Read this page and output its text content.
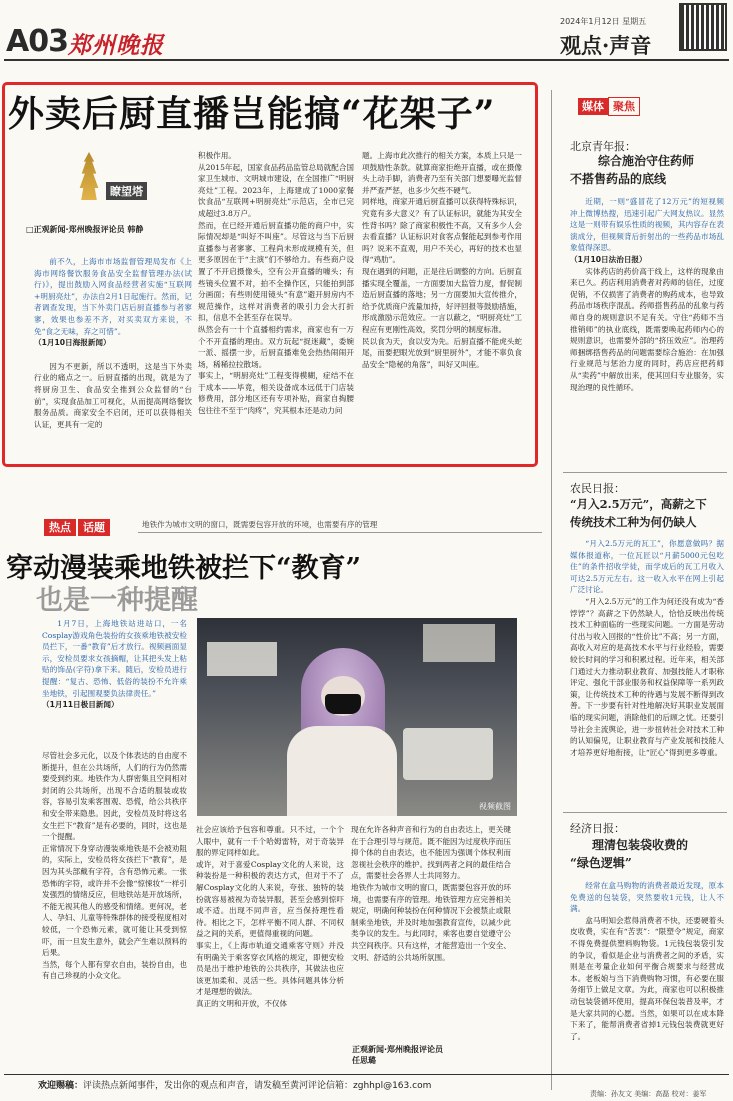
A03 郑州晚报
2024年1月12日 星期五
观点·声音
外卖后厨直播岂能搞“花架子”
瞭望塔
□正观新闻·郑州晚报评论员 韩静

前不久，上海市市场监督管理局发布《上海市网络餐饮服务食品安全监督管理办法(试行)》，提出鼓励入网食品经营者实施“互联网+明厨亮灶”，办法自2月1日起施行。然而，记者调查发现，当下外卖门店后厨直播参与者寥寥，效果也参差不齐，对买卖双方来说，不免“食之无味，弃之可惜”。

（1月10日海报新闻）

因为不更新，所以不透明，这是当下外卖行业的痛点之一。后厨直播的出现，就是为了将厨房卫生、食品安全推到公众监督的“台前”，实现食品加工可视化，从而提高网络餐饮服务品质。商家安全不启闭，还可以获得相关认证，更具有一定的

积极作用。
从2015年起，国家食品药品监管总局就配合国家卫生城市、文明城市建设，在全国推广“明厨亮灶”工程。2023年，上海建成了1000家餐饮食品“互联网+明厨亮灶”示范店，全市已完成超过3.8万户。
然而，在已经开通后厨直播功能的商户中，实际情况却是“叫好不叫座”。尽管这与当下后厨直播参与者寥寥、工程尚未形成规模有关，但更多原因在于“主演”们不够给力。有些商户设置了不开启摄像头，空有公开直播的噱头；有些镜头位置不对，拍不全操作区，只能拍到部分画面；有些则使用镜头“有意”避开厨房内不规范操作，这样对消费者的吸引力会大打折扣，信息不全甚至存在误导。
纵然会有一十个直播相约需求，商家也有一万个不开直播的理由。双方玩起“捉迷藏”，委婉一派、摇摆一步，后厨直播难免会热热闹闹开场，稀稀拉拉散场。
事实上，“明厨亮灶”工程变得模糊，症结不在于成本——毕竟，相关设备成本远低于门店装修费用，部分地区还有专项补贴，商家自掏腰包往往不至于“肉疼”，究其根本还是动力问
题。上海市此次推行的相关方案，本质上只是一项鼓励性条款。就算商家拒绝开直播，或在摄像头上动手脚，消费者乃至有关部门想要曝光监督并严查严惩，也多少欠些不硬气。
同样地，商家开通后厨直播可以获得特殊标识，究竟有多大意义？有了认证标识，就能为其安全性背书吗？除了商家积极性不高，又有多少人会去看直播？认证标识对食客点餐能起到参考作用吗？说来不直观，用户不关心，再好的技术也显得“鸡肋”。
现在遇到的问题，正是往后调整的方向。后厨直播实现全覆盖，一方面要加大监管力度，督促制造后厨直播的落地；另一方面要加大宣传推介，给予优质商户流量加持，好评回报等鼓励措施，形成激励示范效应。一言以蔽之，“明厨亮灶”工程应有更刚性高效，奖罚分明的制度标准。
民以食为天，食以安为先。后厨直播不能虎头蛇尾，而要把眼光放到“厨里厨外”，才能不辜负食品安全“隐秘的角落”，叫好又叫座。
媒体 聚焦
北京青年报：
综合施治守住药师
不搭售药品的底线

近期，一则“盛冒花了12万元”的短视频冲上微博热搜，迅速引起广大网友热议。显然这是一则带有娱乐性质的视频，其内容存在表演成分，但视频背后折射出的一些药品市场乱象值得深思。

（1月10日法治日报）

实体药店的药价高于线上，这样的现象由来已久。药店利用消费者对药师的信任，过度促销，不仅损害了消费者的购药成本，也导致药品市场秩序混乱。药师搭售药品的乱象与药师自身的规则意识不足有关。守住“药师不当推销师”的执业底线，既需要唤起药师内心的规则意识，也需要外部的“挤压效应”。治理药师捆绑搭售药品的问题需要综合施治：在加强行业规范与惩治力度的同时，药店应把药师从“卖药”中解放出来，使其回归专业服务，实现治理的良性循环。

农民日报：
“月入2.5万元”，高薪之下
传统技术工种为何仍缺人

“月入2.5万元的瓦工”，你愿意做吗？据媒体报道称，一位瓦匠以“月薪5000元包吃住”的条件招收学徒，而学成后的瓦工月收入可达2.5万元左右。这一收入水平在网上引起广泛讨论。

“月入2.5万元”的工作为何还没有成为“香饽饽”？高薪之下仍然缺人，恰恰反映出传统技术工种面临的一些现实问题。一方面是劳动付出与收入回报的“性价比”不高；另一方面，高收入对应的是高技术水平与行业经验，需要较长时间的学习和积累过程。近年来，相关部门通过大力推动职业教育、加强技能人才职称评定、强化干部业服务和权益保障等一系列政策，让传统技术工种的待遇与发展不断得到改善。下一步要有针对性地解决好其职业发展面临的现实问题，消除他们的后顾之忧。还要引导社会主流舆论，进一步扭转社会对技术工种的认知偏见，让职业教育与产业发展和技能人才培养更好地衔接，让“匠心”得到更多尊重。

经济日报：
理清包装袋收费的
“绿色逻辑”

经常在盒马购物的消费者最近发现，原本免费送的包装袋，突然要收1元钱，让人不满。

盒马明知会惹得消费者不快，还要硬着头皮收费，实在有“苦衷”：“限塑令”规定，商家不得免费提供塑料购物袋。1元钱包装袋引发的争议，看似是企业与消费者之间的矛盾，实则是在考量企业如何平衡合规要求与经营成本。老板娘与当下消费购物习惯，有必要在服务细节上做足文章。为此，商家也可以积极推动包装袋循环使用，提高环保包装普及率，才是大家共同的心愿。当然，如果可以在成本降下来了，能帮消费者省掉1元钱包装费就更好了。

热点 话题	地铁作为城市文明的窗口，既需要包容开放的环境，也需要有序的管理
穿动漫装乘地铁被拦下“教育”
也是一种提醒

1月7日，上海地铁站进站口，一名Cosplay游戏角色装扮的女孩乘地铁被安检员拦下，一番“教育”后才放行。视频画面显示，安检员要求女孩摘帽，让其把头发上粘贴的饰品(字符)拿下来。随后，安检员进行提醒：“复古、恐怖、低俗的装扮不允许乘坐地铁，引起围观要负法律责任。”

（1月11日极目新闻）

视频截图
尽管社会多元化，以及个体表达的自由度不断提升，但在公共场所，人们的行为仍然需要受到约束。地铁作为人群密集且空间相对封闭的公共场所，出现不合适的服装或妆容，容易引发乘客围观、恐慌，给公共秩序和安全带来隐患。因此，安检员及时将这名女生拦下“教育”是有必要的，同时，这也是一个提醒。
正常情况下身穿动漫装乘地铁是不会被劝阻的，实际上，安检员将女孩拦下“教育”，是因为其头部戴有字符，含有恐怖元素。一张恐怖的字符，或许并不会像“惊悚妆”一样引发强烈的情绪反应，但地铁站是开放场所，不能无视其他人的感受和情绪。更何况，老人、孕妇、儿童等特殊群体的接受程度相对较低，一个恐怖元素，就可能让其受到惊吓，而一旦发生意外，就会产生难以预料的后果。
当然，每个人都有穿衣自由，装扮自由，也有自己珍视的小众文化。
社会应该给予包容和尊重。只不过，一个个人眼中，就有一千个哈姆雷特，对于奇装异服的界定同样如此。
或许，对于喜爱Cosplay文化的人来说，这种装扮是一种积极的表达方式，但对于不了解Cosplay文化的人来说，夸张、独特的装扮就容易被视为奇装异服，甚至会感到惊吓或不适。出现不同声音，应当保持理性看待。相比之下，怎样平衡不同人群、不同权益之间的关系，更值得重视的问题。
事实上，《上海市轨道交通乘客守则》并没有明确关于乘客穿衣风格的规定，即便安检员是出于维护地铁的公共秩序，其做法也应该更加柔和、灵活一些。具体问题具体分析才是理想的做法。
真正的文明和开放，不仅体
现在允许各种声音和行为的自由表达上，更关键在于合理引导与规范。既不能因为过度秩序而压抑个体的自由表达，也不能因为强调个体权利而忽视社会秩序的维护。找到两者之间的最佳结合点，需要社会各界人士共同努力。
地铁作为城市文明的窗口，既需要包容开放的环境，也需要有序的管理。地铁管理方应完善相关规定，明确何种装扮在何种情况下会被禁止或限制乘坐地铁，并及时地加强教育宣传，以减少此类争议的发生。与此同时，乘客也要自觉遵守公共空间秩序。只有这样，才能营造出一个安全、文明、舒适的公共场所氛围。
正观新闻·郑州晚报评论员
任思璐
欢迎赐稿：评读热点新闻事件，发出你的观点和声音，请发稿至黄河评论信箱：zghhpl@163.com
责编：孙友文 美编：高磊 校对：姜军
